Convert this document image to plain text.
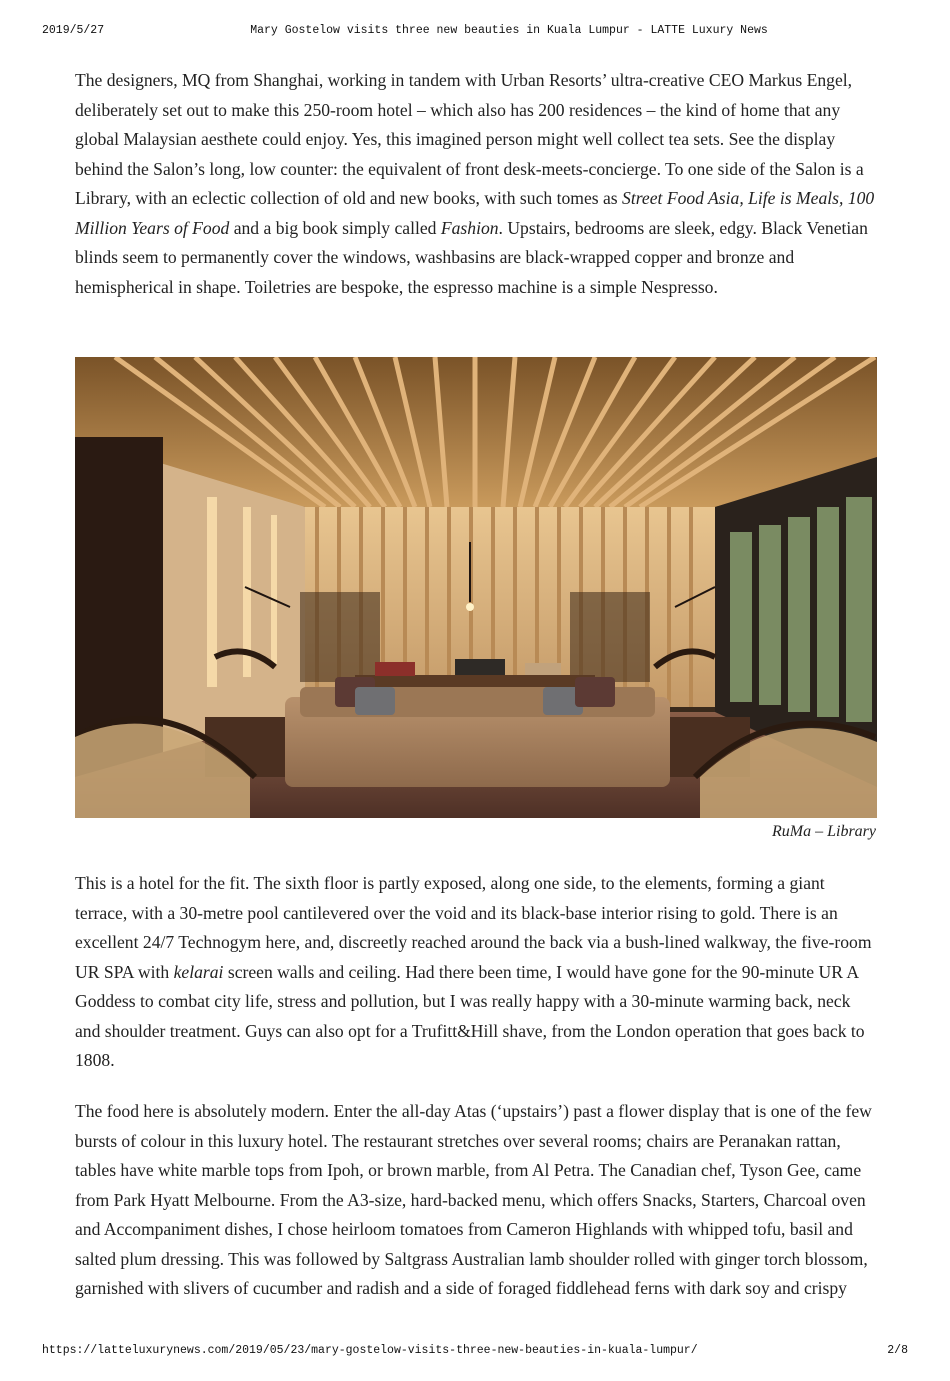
2019/5/27	Mary Gostelow visits three new beauties in Kuala Lumpur - LATTE Luxury News

The designers, MQ from Shanghai, working in tandem with Urban Resorts’ ultra-creative CEO Markus Engel, deliberately set out to make this 250-room hotel – which also has 200 residences – the kind of home that any global Malaysian aesthete could enjoy. Yes, this imagined person might well collect tea sets. See the display behind the Salon’s long, low counter: the equivalent of front desk-meets-concierge. To one side of the Salon is a Library, with an eclectic collection of old and new books, with such tomes as Street Food Asia, Life is Meals, 100 Million Years of Food and a big book simply called Fashion. Upstairs, bedrooms are sleek, edgy. Black Venetian blinds seem to permanently cover the windows, washbasins are black-wrapped copper and bronze and hemispherical in shape. Toiletries are bespoke, the espresso machine is a simple Nespresso.

RuMa – Library

This is a hotel for the fit. The sixth floor is partly exposed, along one side, to the elements, forming a giant terrace, with a 30-metre pool cantilevered over the void and its black-base interior rising to gold. There is an excellent 24/7 Technogym here, and, discreetly reached around the back via a bush-lined walkway, the five-room UR SPA with kelarai screen walls and ceiling. Had there been time, I would have gone for the 90-minute UR A Goddess to combat city life, stress and pollution, but I was really happy with a 30-minute warming back, neck and shoulder treatment. Guys can also opt for a Trufitt&Hill shave, from the London operation that goes back to 1808.

The food here is absolutely modern. Enter the all-day Atas (‘upstairs’) past a flower display that is one of the few bursts of colour in this luxury hotel. The restaurant stretches over several rooms; chairs are Peranakan rattan, tables have white marble tops from Ipoh, or brown marble, from Al Petra. The Canadian chef, Tyson Gee, came from Park Hyatt Melbourne. From the A3-size, hard-backed menu, which offers Snacks, Starters, Charcoal oven and Accompaniment dishes, I chose heirloom tomatoes from Cameron Highlands with whipped tofu, basil and salted plum dressing. This was followed by Saltgrass Australian lamb shoulder rolled with ginger torch blossom, garnished with slivers of cucumber and radish and a side of foraged fiddlehead ferns with dark soy and crispy

https://latteluxurynews.com/2019/05/23/mary-gostelow-visits-three-new-beauties-in-kuala-lumpur/	2/8
